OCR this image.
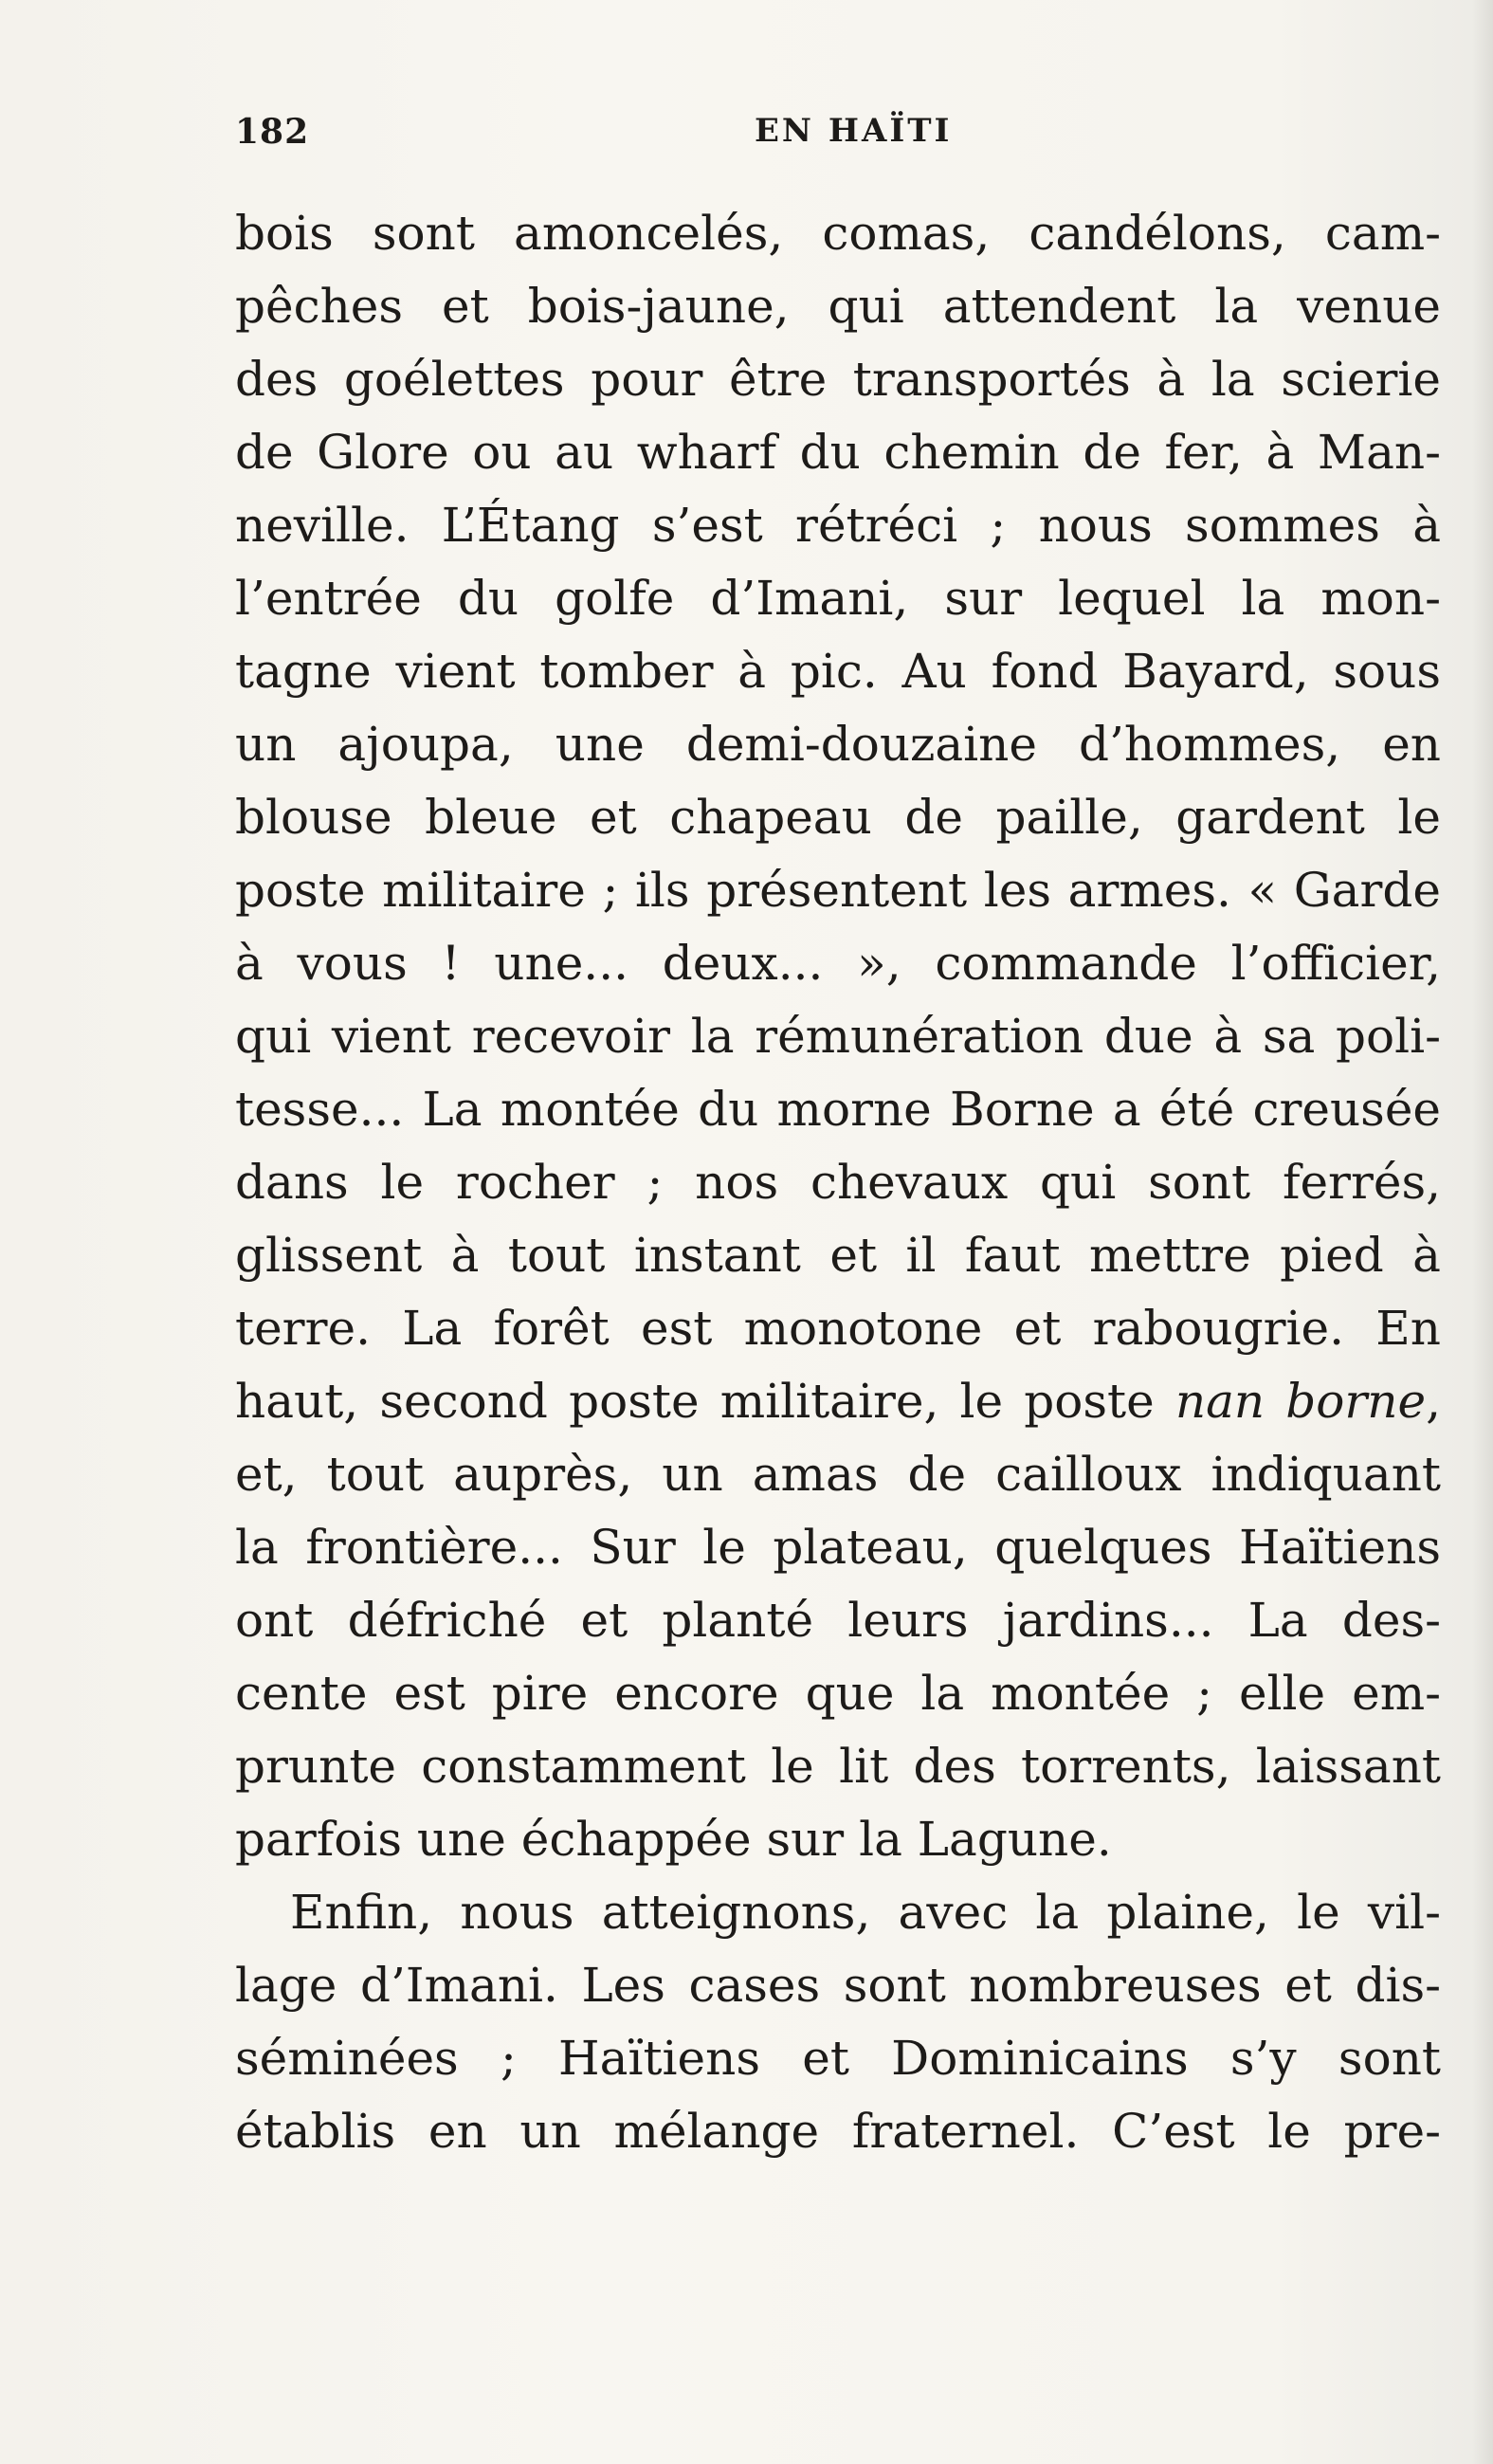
182	EN HAÏTI
bois sont amoncelés, comas, candélons, cam-
pêches et bois-jaune, qui attendent la venue
des goélettes pour être transportés à la scierie
de Glore ou au wharf du chemin de fer, à Man-
neville. L’Étang s’est rétréci ; nous sommes à
l’entrée du golfe d’Imani, sur lequel la mon-
tagne vient tomber à pic. Au fond Bayard, sous
un ajoupa, une demi-douzaine d’hommes, en
blouse bleue et chapeau de paille, gardent le
poste militaire ; ils présentent les armes. « Garde
à vous ! une... deux... », commande l’officier,
qui vient recevoir la rémunération due à sa poli-
tesse... La montée du morne Borne a été creusée
dans le rocher ; nos chevaux qui sont ferrés,
glissent à tout instant et il faut mettre pied à
terre. La forêt est monotone et rabougrie. En
haut, second poste militaire, le poste nan borne,
et, tout auprès, un amas de cailloux indiquant
la frontière... Sur le plateau, quelques Haïtiens
ont défriché et planté leurs jardins... La des-
cente est pire encore que la montée ; elle em-
prunte constamment le lit des torrents, laissant
parfois une échappée sur la Lagune.
Enfin, nous atteignons, avec la plaine, le vil-
lage d’Imani. Les cases sont nombreuses et dis-
séminées ; Haïtiens et Dominicains s’y sont
établis en un mélange fraternel. C’est le pre-
